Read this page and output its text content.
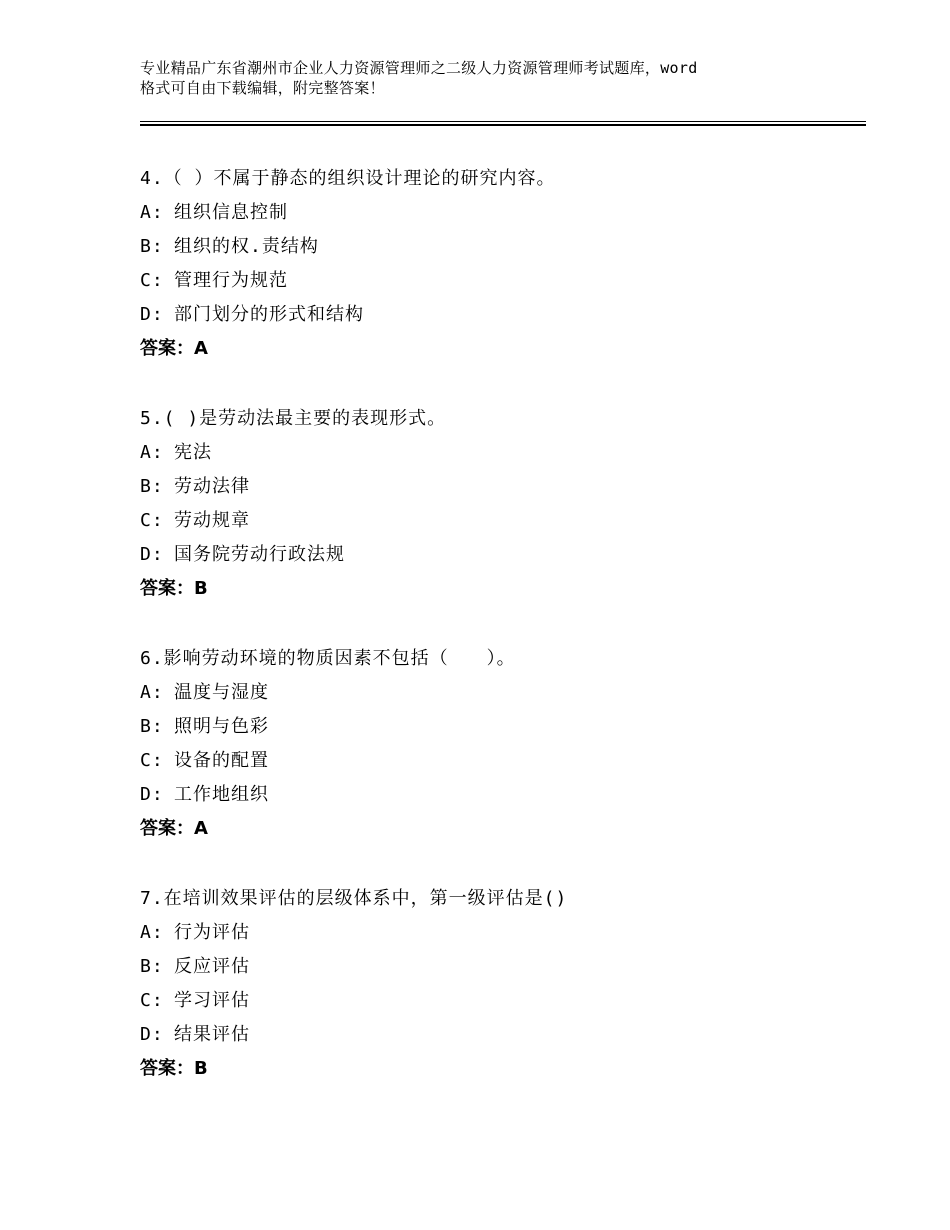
专业精品广东省潮州市企业人力资源管理师之二级人力资源管理师考试题库，word
格式可自由下载编辑，附完整答案！
4.（ ）不属于静态的组织设计理论的研究内容。
A: 组织信息控制
B: 组织的权.责结构
C: 管理行为规范
D: 部门划分的形式和结构
答案：A
5.( )是劳动法最主要的表现形式。
A: 宪法
B: 劳动法律
C: 劳动规章
D: 国务院劳动行政法规
答案：B
6.影响劳动环境的物质因素不包括（　　）。
A: 温度与湿度
B: 照明与色彩
C: 设备的配置
D: 工作地组织
答案：A
7.在培训效果评估的层级体系中，第一级评估是()
A: 行为评估
B: 反应评估
C: 学习评估
D: 结果评估
答案：B
